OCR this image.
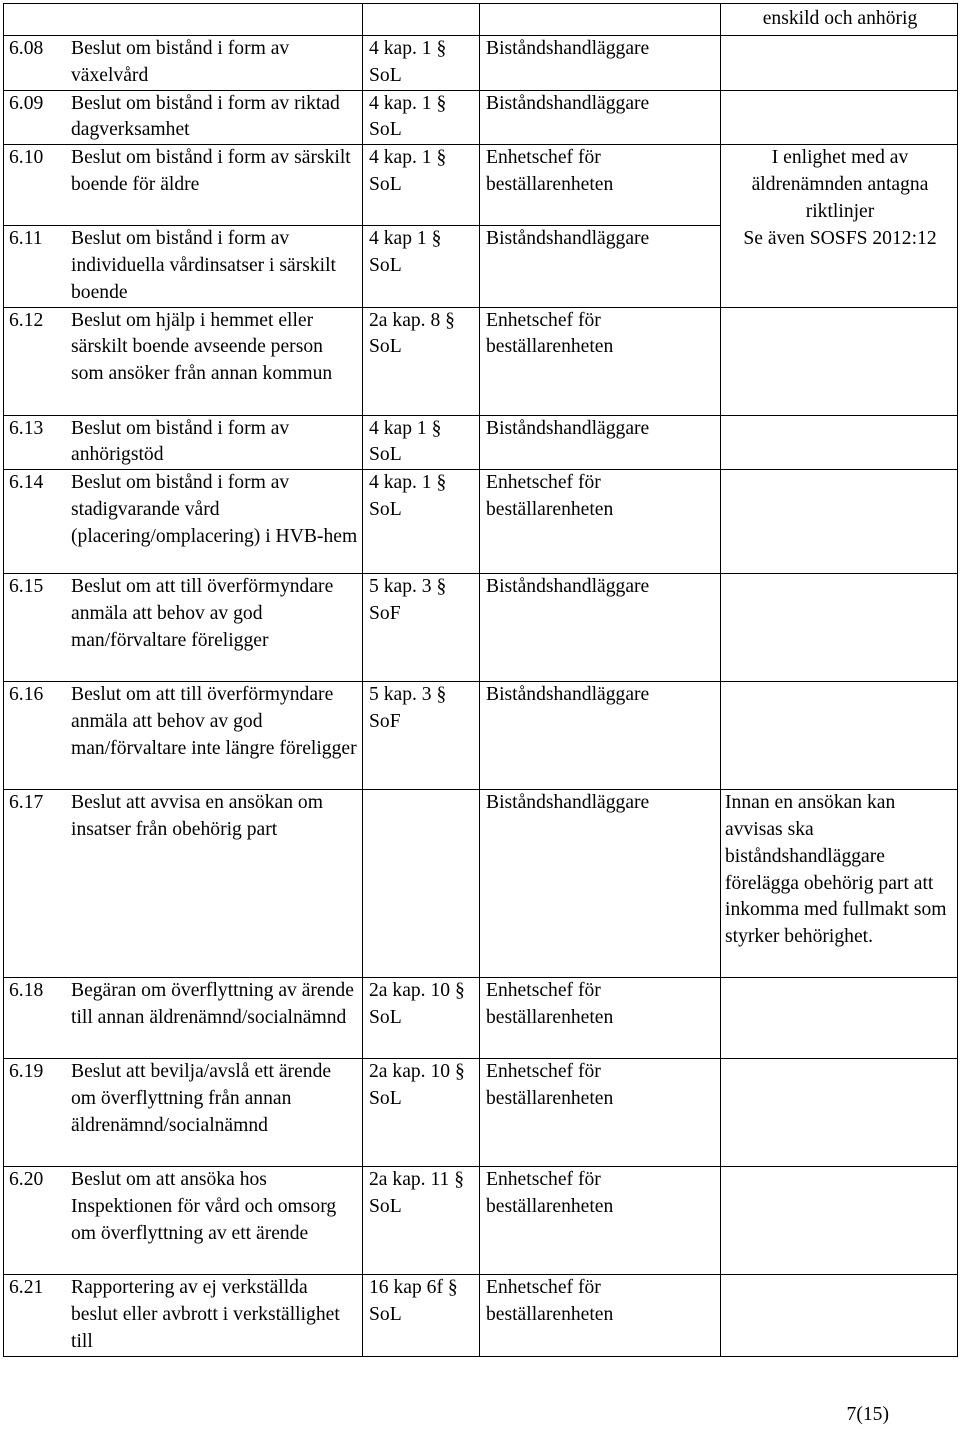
			enskild och anhörig

6.08 Beslut om bistånd i form av växelvård	4 kap. 1 § SoL	Biståndshandläggare	

6.09 Beslut om bistånd i form av riktad dagverksamhet	4 kap. 1 § SoL	Biståndshandläggare	

6.10 Beslut om bistånd i form av särskilt boende för äldre	4 kap. 1 § SoL	Enhetschef för beställarenheten	I enlighet med av äldrenämnden antagna riktlinjer
Se även SOSFS 2012:12

6.11 Beslut om bistånd i form av individuella vårdinsatser i särskilt boende	4 kap 1 § SoL	Biståndshandläggare	

6.12 Beslut om hjälp i hemmet eller särskilt boende avseende person som ansöker från annan kommun	2a kap. 8 § SoL	Enhetschef för beställarenheten	

6.13 Beslut om bistånd i form av anhörigstöd	4 kap 1 § SoL	Biståndshandläggare	

6.14 Beslut om bistånd i form av stadigvarande vård (placering/omplacering) i HVB-hem	4 kap. 1 § SoL	Enhetschef för beställarenheten	

6.15 Beslut om att till överförmyndare anmäla att behov av god man/förvaltare föreligger	5 kap. 3 § SoF	Biståndshandläggare	

6.16 Beslut om att till överförmyndare anmäla att behov av god man/förvaltare inte längre föreligger	5 kap. 3 § SoF	Biståndshandläggare	

6.17 Beslut att avvisa en ansökan om insatser från obehörig part		Biståndshandläggare	Innan en ansökan kan avvisas ska biståndshandläggare förelägga obehörig part att inkomma med fullmakt som styrker behörighet.

6.18 Begäran om överflyttning av ärende till annan äldrenämnd/socialnämnd	2a kap. 10 § SoL	Enhetschef för beställarenheten	

6.19 Beslut att bevilja/avslå ett ärende om överflyttning från annan äldrenämnd/socialnämnd	2a kap. 10 § SoL	Enhetschef för beställarenheten	

6.20 Beslut om att ansöka hos Inspektionen för vård och omsorg om överflyttning av ett ärende	2a kap. 11 § SoL	Enhetschef för beställarenheten	

6.21 Rapportering av ej verkställda beslut eller avbrott i verkställighet till	16 kap 6f § SoL	Enhetschef för beställarenheten	
7(15)
